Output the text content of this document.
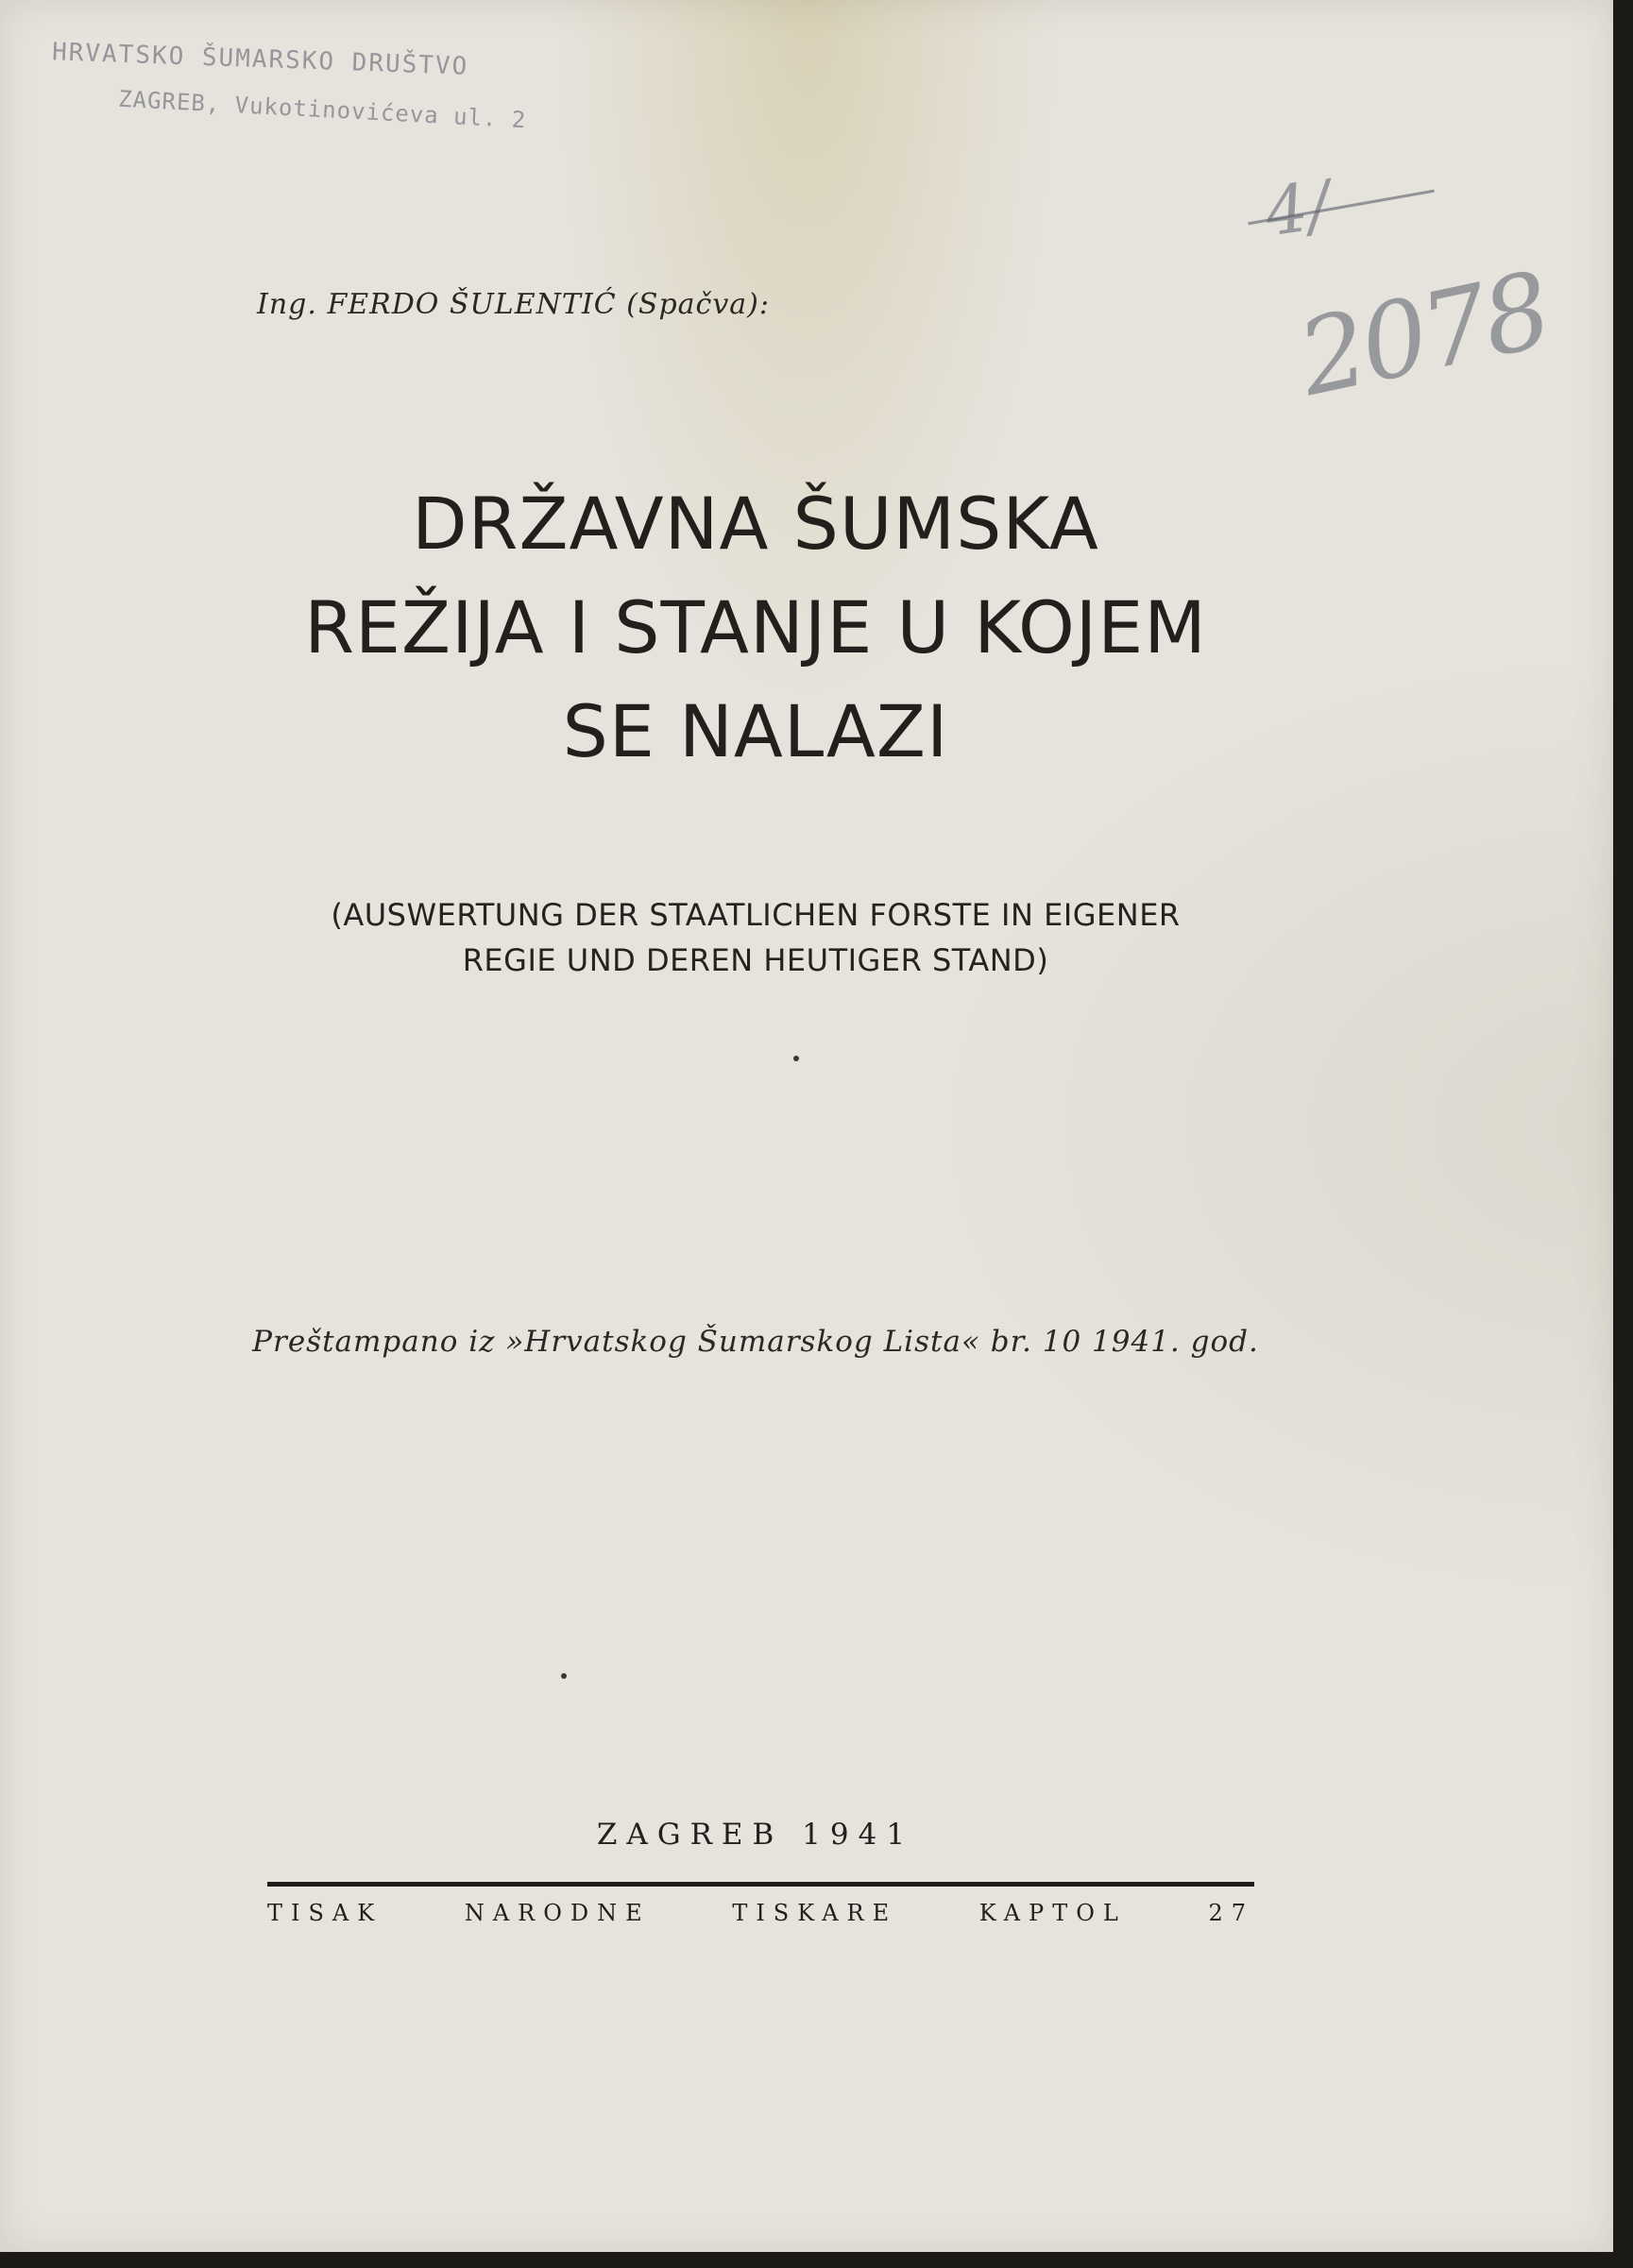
HRVATSKO ŠUMARSKO DRUŠTVO
ZAGREB, Vukotinovićeva ul. 2
4/
2078
Ing. FERDO ŠULENTIĆ (Spačva):
DRŽAVNA ŠUMSKA
REŽIJA I STANJE U KOJEM
SE NALAZI
(AUSWERTUNG DER STAATLICHEN FORSTE IN EIGENER
REGIE UND DEREN HEUTIGER STAND)
Preštampano iz »Hrvatskog Šumarskog Lista« br. 10 1941. god.
ZAGREB 1941
TISAK NARODNE TISKARE KAPTOL 27
